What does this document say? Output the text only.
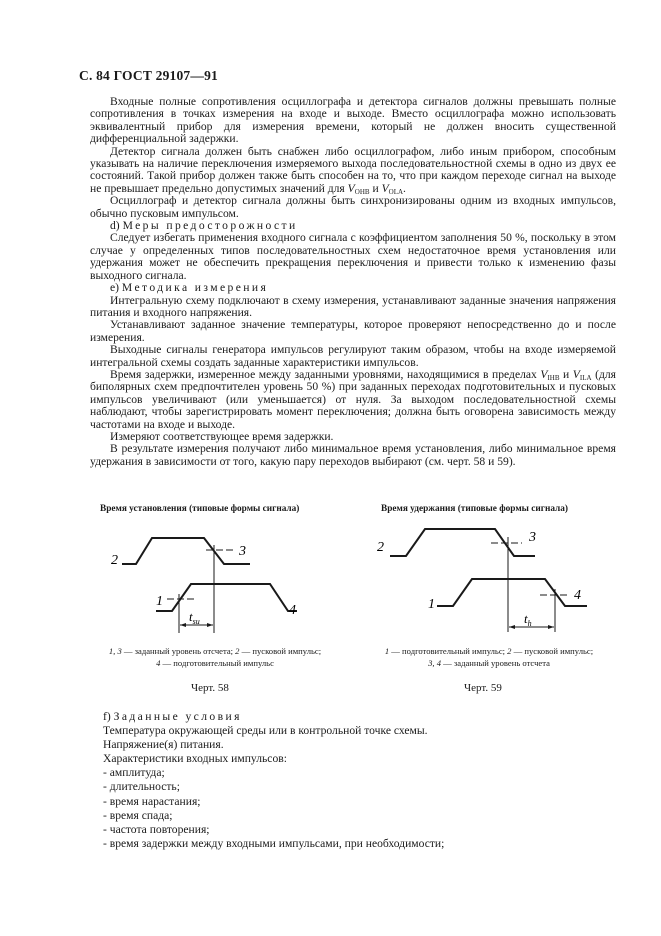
С. 84 ГОСТ 29107—91

Входные полные сопротивления осциллографа и детектора сигналов должны превышать полные сопротивления в точках измерения на входе и выходе. Вместо осциллографа можно использовать эквивалентный прибор для измерения времени, который не должен вносить существенной дифференциальной задержки.

Детектор сигнала должен быть снабжен либо осциллографом, либо иным прибором, способным указывать на наличие переключения измеряемого выхода последовательностной схемы в одно из двух ее состояний. Такой прибор должен также быть способен на то, что при каждом переходе сигнал на выходе не превышает предельно допустимых значений для $V_{OHB}$ и $V_{OLA}$.

Осциллограф и детектор сигнала должны быть синхронизированы одним из входных импульсов, обычно пусковым импульсом.

d) Меры предосторожности

Следует избегать применения входного сигнала с коэффициентом заполнения 50 %, поскольку в этом случае у определенных типов последовательностных схем недостаточное время установления или удержания может не обеспечить прекращения переключения и привести только к изменению фазы выходного сигнала.

e) Методика измерения

Интегральную схему подключают в схему измерения, устанавливают заданные значения напряжения питания и входного напряжения.

Устанавливают заданное значение температуры, которое проверяют непосредственно до и после измерения.

Выходные сигналы генератора импульсов регулируют таким образом, чтобы на входе измеряемой интегральной схемы создать заданные характеристики импульсов.

Время задержки, измеренное между заданными уровнями, находящимися в пределах $V_{IHB}$ и $V_{ILA}$ (для биполярных схем предпочтителен уровень 50 %) при заданных переходах подготовительных и пусковых импульсов увеличивают (или уменьшается) от нуля. За выходом последовательностной схемы наблюдают, чтобы зарегистрировать момент переключения; должна быть оговорена зависимость между частотами на входе и выходе.

Измеряют соответствующее время задержки.

В результате измерения получают либо минимальное время установления, либо минимальное время удержания в зависимости от того, какую пару переходов выбирают (см. черт. 58 и 59).

Время установления (типовые формы сигнала)
2
3
1
4
$t_{su}$
1, 3 — заданный уровень отсчета; 2 — пусковой импульс;
4 — подготовительный импульс
Черт. 58
Время удержания (типовые формы сигнала)
2
3
1
4
$t_h$
1 — подготовительный импульс; 2 — пусковой импульс;
3, 4 — заданный уровень отсчета
Черт. 59
f) Заданные условия
Температура окружающей среды или в контрольной точке схемы.
Напряжение(я) питания.
Характеристики входных импульсов:
- амплитуда;
- длительность;
- время нарастания;
- время спада;
- частота повторения;
- время задержки между входными импульсами, при необходимости;
